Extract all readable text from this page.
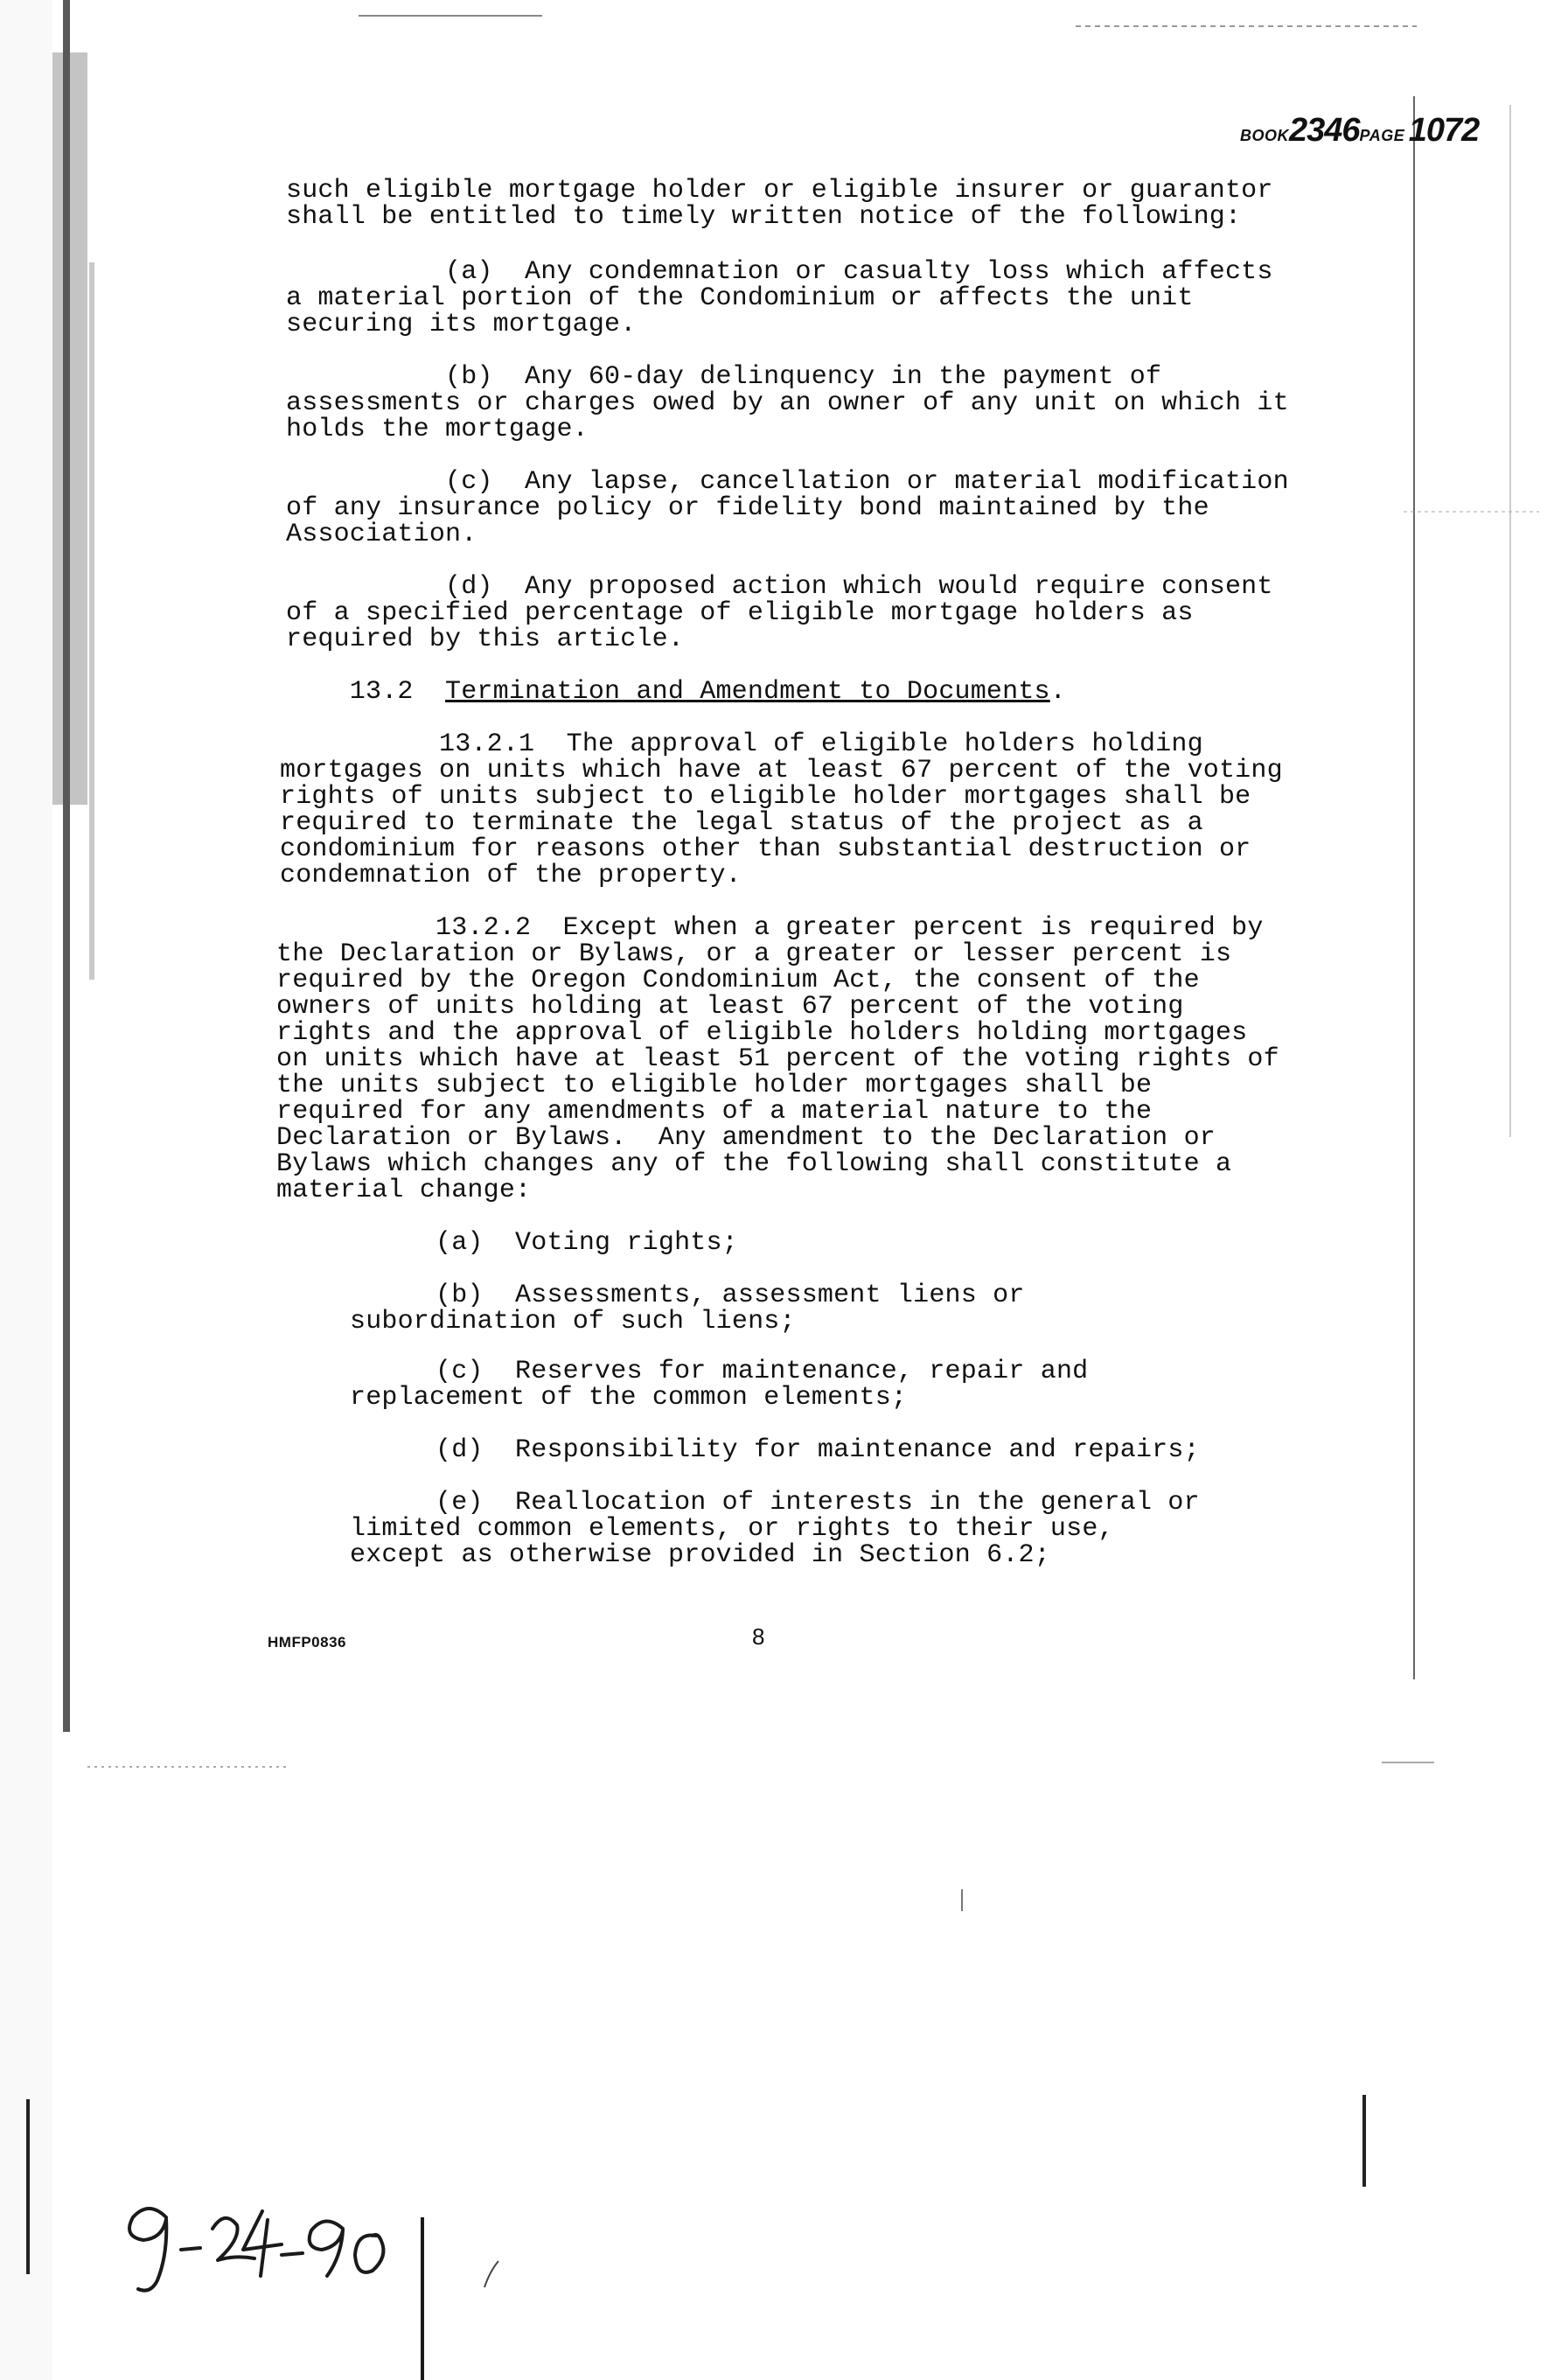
BOOK2346PAGE 1072
such eligible mortgage holder or eligible insurer or guarantor
shall be entitled to timely written notice of the following:
(a)  Any condemnation or casualty loss which affects
a material portion of the Condominium or affects the unit
securing its mortgage.
(b)  Any 60-day delinquency in the payment of
assessments or charges owed by an owner of any unit on which it
holds the mortgage.
(c)  Any lapse, cancellation or material modification
of any insurance policy or fidelity bond maintained by the
Association.
(d)  Any proposed action which would require consent
of a specified percentage of eligible mortgage holders as
required by this article.
13.2  Termination and Amendment to Documents.
13.2.1  The approval of eligible holders holding
mortgages on units which have at least 67 percent of the voting
rights of units subject to eligible holder mortgages shall be
required to terminate the legal status of the project as a
condominium for reasons other than substantial destruction or
condemnation of the property.
13.2.2  Except when a greater percent is required by
the Declaration or Bylaws, or a greater or lesser percent is
required by the Oregon Condominium Act, the consent of the
owners of units holding at least 67 percent of the voting
rights and the approval of eligible holders holding mortgages
on units which have at least 51 percent of the voting rights of
the units subject to eligible holder mortgages shall be
required for any amendments of a material nature to the
Declaration or Bylaws.  Any amendment to the Declaration or
Bylaws which changes any of the following shall constitute a
material change:
(a)  Voting rights;
(b)  Assessments, assessment liens or
subordination of such liens;
(c)  Reserves for maintenance, repair and
replacement of the common elements;
(d)  Responsibility for maintenance and repairs;
(e)  Reallocation of interests in the general or
limited common elements, or rights to their use,
except as otherwise provided in Section 6.2;
HMFP0836	8
